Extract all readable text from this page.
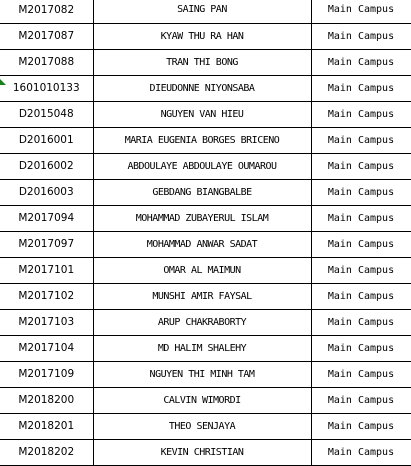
M2017082	SAING PAN	Main Campus
M2017087	KYAW THU RA HAN	Main Campus
M2017088	TRAN THI BONG	Main Campus
1601010133	DIEUDONNE NIYONSABA	Main Campus
D2015048	NGUYEN VAN HIEU	Main Campus
D2016001	MARIA EUGENIA BORGES BRICENO	Main Campus
D2016002	ABDOULAYE ABDOULAYE OUMAROU	Main Campus
D2016003	GEBDANG BIANGBALBE	Main Campus
M2017094	MOHAMMAD ZUBAYERUL ISLAM	Main Campus
M2017097	MOHAMMAD ANWAR SADAT	Main Campus
M2017101	OMAR AL MAIMUN	Main Campus
M2017102	MUNSHI AMIR FAYSAL	Main Campus
M2017103	ARUP CHAKRABORTY	Main Campus
M2017104	MD HALIM SHALEHY	Main Campus
M2017109	NGUYEN THI MINH TAM	Main Campus
M2018200	CALVIN WIMORDI	Main Campus
M2018201	THEO SENJAYA	Main Campus
M2018202	KEVIN CHRISTIAN	Main Campus
